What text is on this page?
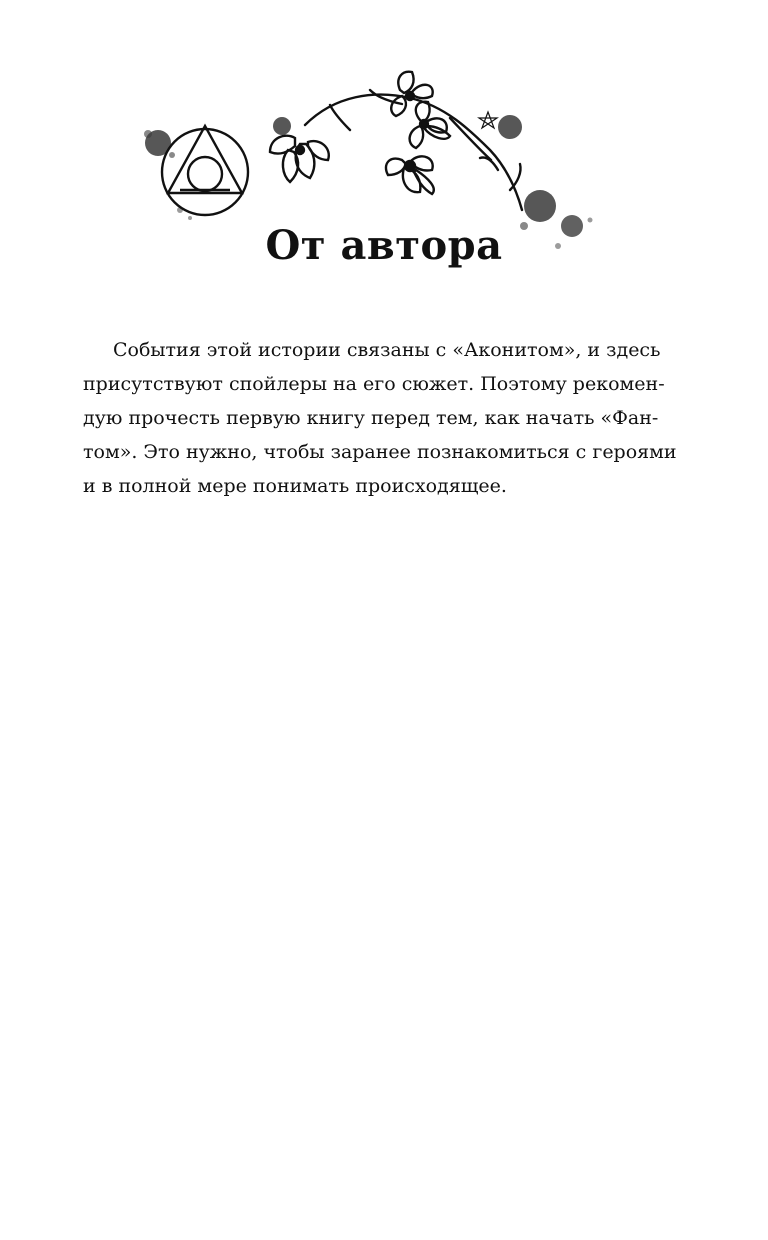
От автора
События этой истории связаны с «Аконитом», и здесь
присутствуют спойлеры на его сюжет. Поэтому рекомен-
дую прочесть первую книгу перед тем, как начать «Фан-
том». Это нужно, чтобы заранее познакомиться с героями
и в полной мере понимать происходящее.
